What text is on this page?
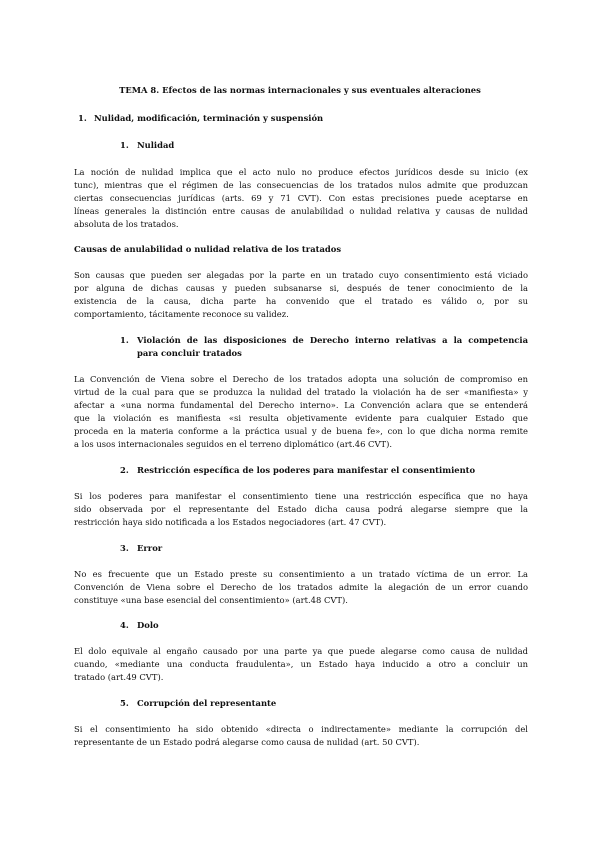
TEMA 8. Efectos de las normas internacionales y sus eventuales alteraciones
1. Nulidad, modificación, terminación y suspensión
1. Nulidad
La noción de nulidad implica que el acto nulo no produce efectos jurídicos desde su inicio (ex
tunc), mientras que el régimen de las consecuencias de los tratados nulos admite que produzcan
ciertas consecuencias jurídicas (arts. 69 y 71 CVT). Con estas precisiones puede aceptarse en
líneas generales la distinción entre causas de anulabilidad o nulidad relativa y causas de nulidad
absoluta de los tratados.
Causas de anulabilidad o nulidad relativa de los tratados
Son causas que pueden ser alegadas por la parte en un tratado cuyo consentimiento está viciado
por alguna de dichas causas y pueden subsanarse si, después de tener conocimiento de la
existencia de la causa, dicha parte ha convenido que el tratado es válido o, por su
comportamiento, tácitamente reconoce su validez.
1. Violación de las disposiciones de Derecho interno relativas a la competencia
para concluir tratados
La Convención de Viena sobre el Derecho de los tratados adopta una solución de compromiso en
virtud de la cual para que se produzca la nulidad del tratado la violación ha de ser «manifiesta» y
afectar a «una norma fundamental del Derecho interno». La Convención aclara que se entenderá
que la violación es manifiesta «si resulta objetivamente evidente para cualquier Estado que
proceda en la materia conforme a la práctica usual y de buena fe», con lo que dicha norma remite
a los usos internacionales seguidos en el terreno diplomático (art.46 CVT).
2. Restricción específica de los poderes para manifestar el consentimiento
Si los poderes para manifestar el consentimiento tiene una restricción específica que no haya
sido observada por el representante del Estado dicha causa podrá alegarse siempre que la
restricción haya sido notificada a los Estados negociadores (art. 47 CVT).
3. Error
No es frecuente que un Estado preste su consentimiento a un tratado víctima de un error. La
Convención de Viena sobre el Derecho de los tratados admite la alegación de un error cuando
constituye «una base esencial del consentimiento» (art.48 CVT).
4. Dolo
El dolo equivale al engaño causado por una parte ya que puede alegarse como causa de nulidad
cuando, «mediante una conducta fraudulenta», un Estado haya inducido a otro a concluir un
tratado (art.49 CVT).
5. Corrupción del representante
Si el consentimiento ha sido obtenido «directa o indirectamente» mediante la corrupción del
representante de un Estado podrá alegarse como causa de nulidad (art. 50 CVT).
